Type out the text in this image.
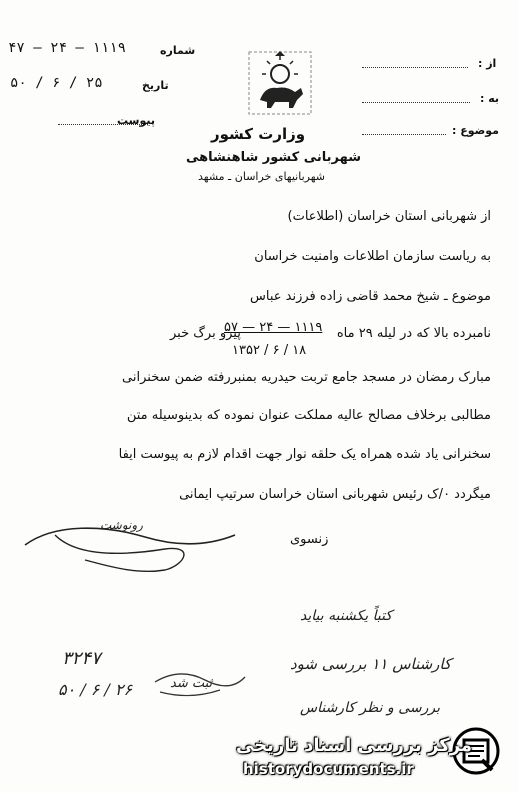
۴۷ — ۲۴ — ۱۱۱۹	شماره
۵۰ / ۶ / ۲۵	تاریخ
پیوست
وزارت کشور
شهربانی کشور شاهنشاهی
شهربانیهای خراسان ـ مشهد
از :
به :
موضوع :
از شهربانی استان خراسان (اطلاعات)
به ریاست سازمان اطلاعات وامنیت خراسان
موضوع ـ شیخ محمد قاضی زاده فرزند عباس
نامبرده بالا که در لیله ۲۹ ماه
۵۷ — ۲۴ — ۱۱۱۹
پیرو برگ خبر
۱۳۵۲ / ۶ / ۱۸
مبارک رمضان در مسجد جامع تربت حیدریه بمنبررفته ضمن سخنرانی
مطالبی برخلاف مصالح عالیه مملکت عنوان نموده که بدینوسیله متن
سخنرانی یاد شده همراه یک حلقه نوار جهت اقدام لازم به پیوست ایفا
میگردد ۰/ک رئیس شهربانی استان خراسان سرتیپ ایمانی
زنسوی
رونوشت
کتباً یکشنبه بیاید
کارشناس ۱۱ بررسی شود
بررسی و نظر کارشناس
۳۲۴۷
۵۰ / ۶ / ۲۶	ثبت شد
مرکز بررسی اسناد تاریخی
historydocuments.ir
